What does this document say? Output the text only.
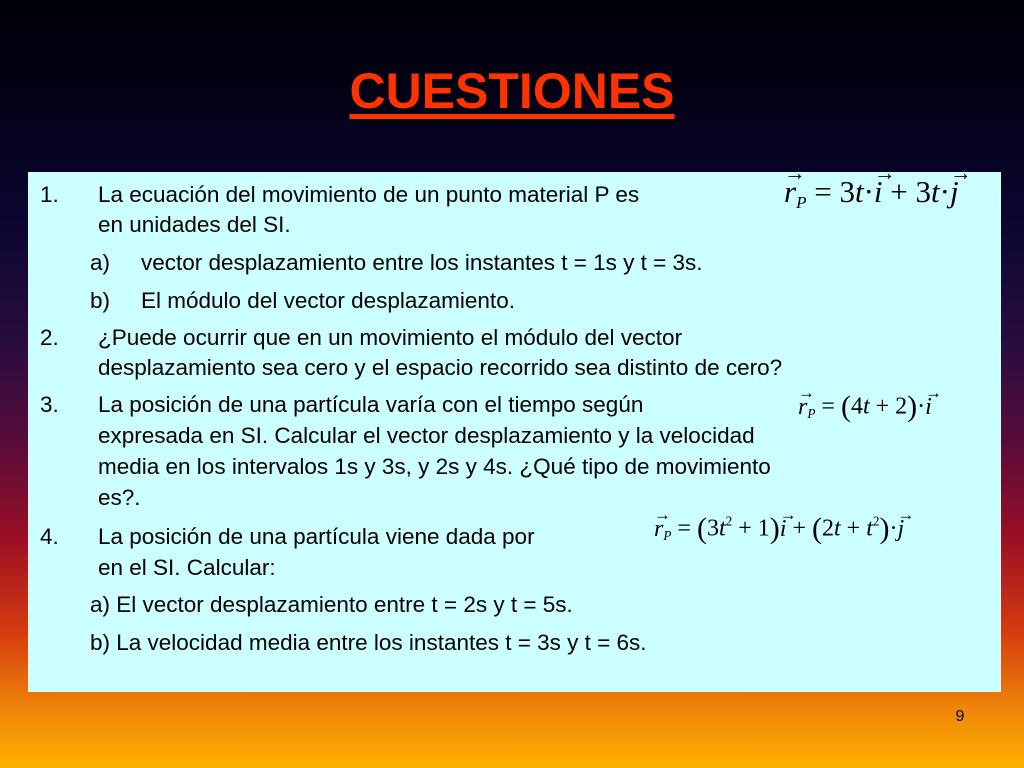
CUESTIONES
1. La ecuación del movimiento de un punto material P es	→ $r_P = 3t\cdot\to i + 3t\cdot\to j$
en unidades del SI.
a) vector desplazamiento entre los instantes t = 1s y t = 3s.
b) El módulo del vector desplazamiento.
2. ¿Puede ocurrir que en un movimiento el módulo del vector
desplazamiento sea cero y el espacio recorrido sea distinto de cero?
3. La posición de una partícula varía con el tiempo según	→ $r_P = (4t + 2)\cdot\to i$
expresada en SI. Calcular el vector desplazamiento y la velocidad
media en los intervalos 1s y 3s, y 2s y 4s. ¿Qué tipo de movimiento
es?.
4. La posición de una partícula viene dada por	→ $r_P = (3t^2 + 1)\to i + (2t + t^2)\cdot\to j$
en el SI. Calcular:
a) El vector desplazamiento entre t = 2s y t = 5s.
b) La velocidad media entre los instantes t = 3s y t = 6s.
9
